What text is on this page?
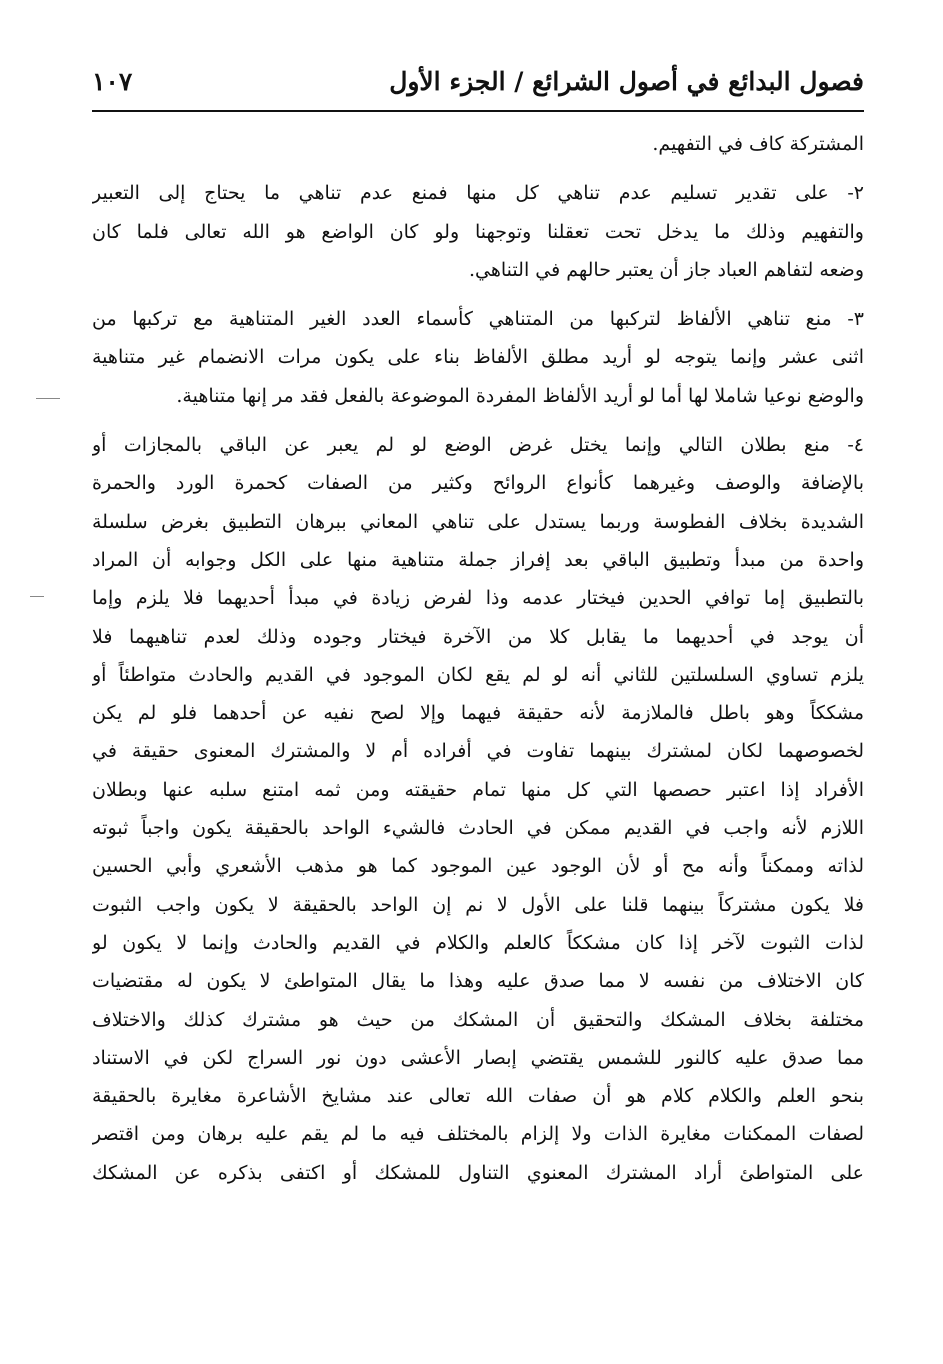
فصول البدائع في أصول الشرائع / الجزء الأول
١٠٧
المشتركة كاف في التفهيم.
٢- على تقدير تسليم عدم تناهي كل منها فمنع عدم تناهي ما يحتاج إلى التعبير
والتفهيم وذلك ما يدخل تحت تعقلنا وتوجهنا ولو كان الواضع هو الله تعالى فلما كان
وضعه لتفاهم العباد جاز أن يعتبر حالهم في التناهي.
٣- منع تناهي الألفاظ لتركبها من المتناهي كأسماء العدد الغير المتناهية مع تركبها من
اثنى عشر وإنما يتوجه لو أريد مطلق الألفاظ بناء على يكون مرات الانضمام غير متناهية
والوضع نوعيا شاملا لها أما لو أريد الألفاظ المفردة الموضوعة بالفعل فقد مر إنها متناهية.
٤- منع بطلان التالي وإنما يختل غرض الوضع لو لم يعبر عن الباقي بالمجازات أو
بالإضافة والوصف وغيرهما كأنواع الروائح وكثير من الصفات كحمرة الورد والحمرة
الشديدة بخلاف الفطوسة وربما يستدل على تناهي المعاني ببرهان التطبيق بغرض سلسلة
واحدة من مبدأ وتطبيق الباقي بعد إفراز جملة متناهية منها على الكل وجوابه أن المراد
بالتطبيق إما توافي الحدين فيختار عدمه وذا لفرض زيادة في مبدأ أحديهما فلا يلزم وإما
أن يوجد في أحديهما ما يقابل كلا من الآخرة فيختار وجوده وذلك لعدم تناهيهما فلا
يلزم تساوي السلسلتين للثاني أنه لو لم يقع لكان الموجود في القديم والحادث متواطئاً أو
مشككاً وهو باطل فالملازمة لأنه حقيقة فيهما وإلا لصح نفيه عن أحدهما فلو لم يكن
لخصوصهما لكان لمشترك بينهما تفاوت في أفراده أم لا والمشترك المعنوى حقيقة في
الأفراد إذا اعتبر حصصها التي كل منها تمام حقيقته ومن ثمه امتنع سلبه عنها وبطلان
اللازم لأنه واجب في القديم ممكن في الحادث فالشيء الواحد بالحقيقة يكون واجباً ثبوته
لذاته وممكناً وأنه مح أو لأن الوجود عين الموجود كما هو مذهب الأشعري وأبي الحسين
فلا يكون مشتركاً بينهما قلنا على الأول لا نم إن الواحد بالحقيقة لا يكون واجب الثبوت
لذات الثبوت لآخر إذا كان مشككاً كالعلم والكلام في القديم والحادث وإنما لا يكون لو
كان الاختلاف من نفسه لا مما صدق عليه وهذا ما يقال المتواطئ لا يكون له مقتضيات
مختلفة بخلاف المشكك والتحقيق أن المشكك من حيث هو مشترك كذلك والاختلاف
مما صدق عليه كالنور للشمس يقتضي إبصار الأعشى دون نور السراج لكن في الاستناد
بنحو العلم والكلام كلام هو أن صفات الله تعالى عند مشايخ الأشاعرة مغايرة بالحقيقة
لصفات الممكنات مغايرة الذات ولا إلزام بالمختلف فيه ما لم يقم عليه برهان ومن اقتصر
على المتواطئ أراد المشترك المعنوي التناول للمشكك أو اكتفى بذكره عن المشكك
